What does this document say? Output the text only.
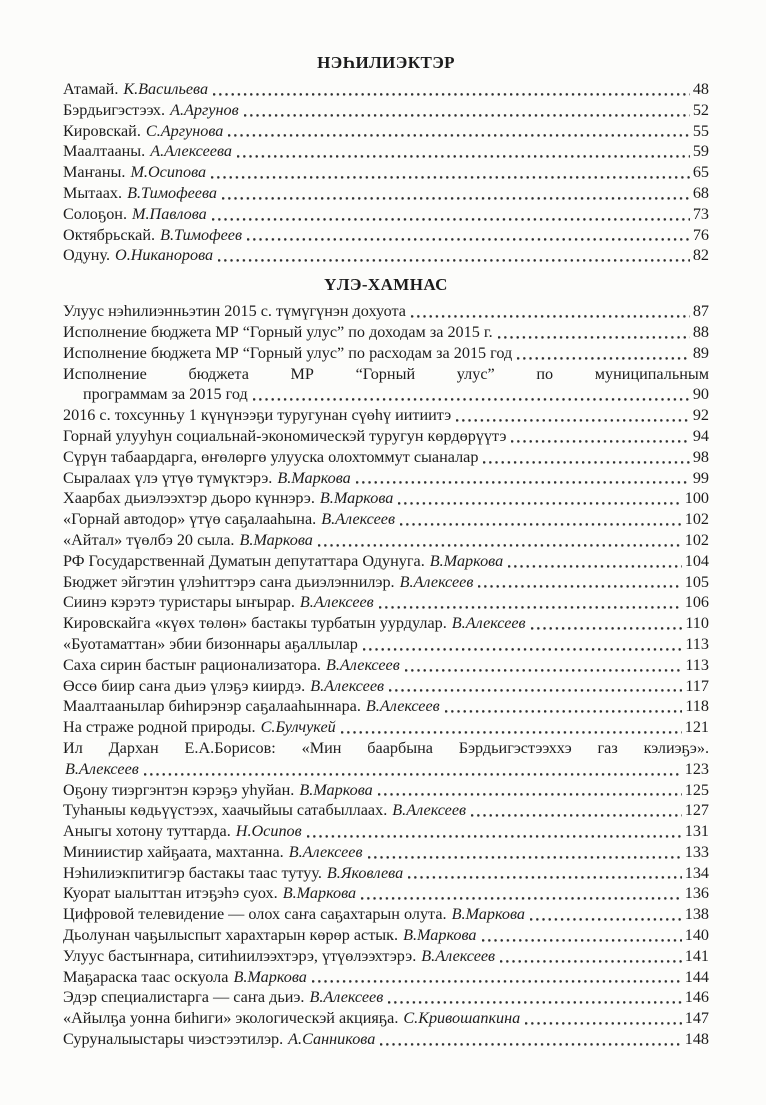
НЭҺИЛИЭКТЭР
Атамай. К.Васильева	48
Бэрдьигэстээх. А.Аргунов	52
Кировскай. С.Аргунова	55
Маалтааны. А.Алексеева	59
Маҥаны. М.Осипова	65
Мытаах. В.Тимофеева	68
Солоҕон. М.Павлова	73
Октябрьскай. В.Тимофеев	76
Одуну. О.Никанорова	82
ҮЛЭ-ХАМНАС
Улуус нэһилиэнньэтин 2015 с. түмүгүнэн дохуота	87
Исполнение бюджета МР “Горный улус” по доходам за 2015 г.	88
Исполнение бюджета МР “Горный улус” по расходам за 2015 год	89
Исполнение бюджета МР “Горный улус” по муниципальным
программам за 2015 год	90
2016 с. тохсунньу 1 күнүнээҕи туругунан сүөһү иитиитэ	92
Горнай улууһун социальнай-экономическэй туругун көрдөрүүтэ	94
Сүрүн табаардарга, өҥөлөргө улууска олохтоммут сыаналар	98
Сыралаах үлэ үтүө түмүктэрэ. В.Маркова	99
Хаарбах дьиэлээхтэр дьоро күннэрэ. В.Маркова	100
«Горнай автодор» үтүө саҕалааһына. В.Алексеев	102
«Айтал» түөлбэ 20 сыла. В.Маркова	102
РФ Государственнай Думатын депутаттара Одунуга. В.Маркова	104
Бюджет эйгэтин үлэһиттэрэ саҥа дьиэлэннилэр. В.Алексеев	105
Сиинэ кэрэтэ туристары ыҥырар. В.Алексеев	106
Кировскайга «күөх төлөн» бастакы турбатын уурдулар. В.Алексеев	110
«Буотаматтан» эбии бизоннары аҕаллылар	113
Саха сирин бастыҥ рационализатора. В.Алексеев	113
Өссө биир саҥа дьиэ үлэҕэ киирдэ. В.Алексеев	117
Маалтаанылар биһирэнэр саҕалааһыннара. В.Алексеев	118
На страже родной природы. С.Булчукей	121
Ил Дархан Е.А.Борисов: «Мин баарбына Бэрдьигэстээххэ газ кэлиэҕэ».
В.Алексеев	123
Оҕону тиэргэнтэн кэрэҕэ уһуйан. В.Маркова	125
Туһаныы көдьүүстээх, хаачыйыы сатабыллаах. В.Алексеев	127
Аныгы хотону туттарда. Н.Осипов	131
Миниистир хайҕаата, махтанна. В.Алексеев	133
Нэһилиэкпитигэр бастакы таас тутуу. В.Яковлева	134
Куорат ыалыттан итэҕэһэ суох. В.Маркова	136
Цифровой телевидение — олох саҥа саҕахтарын олута. В.Маркова	138
Дьолунан чаҕылыспыт харахтарын көрөр астык. В.Маркова	140
Улуус бастыҥнара, ситиһиилээхтэрэ, үтүөлээхтэрэ. В.Алексеев	141
Маҕараска таас оскуола В.Маркова	144
Эдэр специалистарга — саҥа дьиэ. В.Алексеев	146
«Айылҕа уонна биһиги» экологическэй акцияҕа. С.Кривошапкина	147
Суруналыыстары чиэстээтилэр. А.Санникова	148
